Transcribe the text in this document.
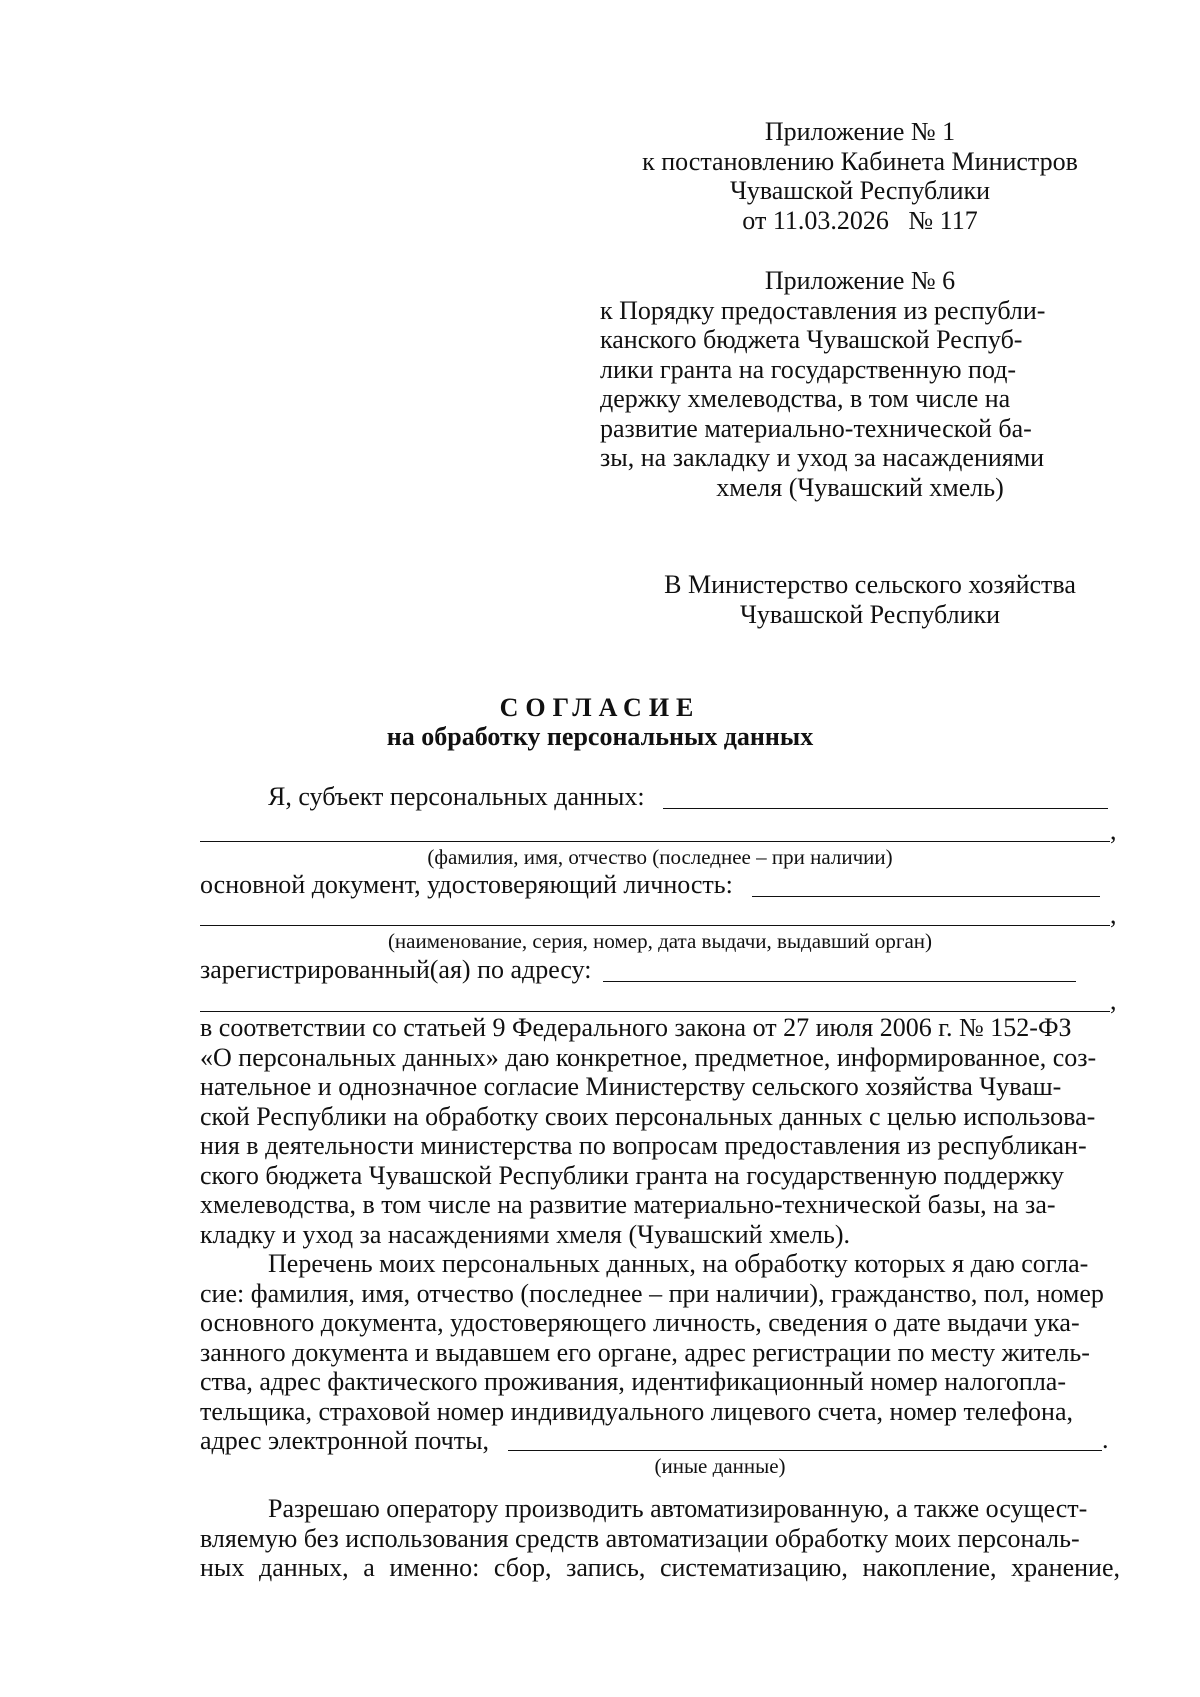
Приложение № 1

к постановлению Кабинета Министров

Чувашской Республики

от 11.03.2026   № 117

Приложение № 6

к Порядку предоставления из республи-

канского бюджета Чувашской Респуб-

лики гранта на государственную под-

держку хмелеводства, в том числе на

развитие материально-технической ба-

зы, на закладку и уход за насаждениями

хмеля (Чувашский хмель)

В Министерство сельского хозяйства

Чувашской Республики

СОГЛАСИЕ

на обработку персональных данных

Я, субъект персональных данных:
,

(фамилия, имя, отчество (последнее – при наличии)

основной документ, удостоверяющий личность:
,

(наименование, серия, номер, дата выдачи, выдавший орган)

зарегистрированный(ая) по адресу:
,

в соответствии со статьей 9 Федерального закона от 27 июля 2006 г. № 152-ФЗ

«О персональных данных» даю конкретное, предметное, информированное, соз-

нательное и однозначное согласие Министерству сельского хозяйства Чуваш-

ской Республики на обработку своих персональных данных с целью использова-

ния в деятельности министерства по вопросам предоставления из республикан-

ского бюджета Чувашской Республики гранта на государственную поддержку

хмелеводства, в том числе на развитие материально-технической базы, на за-

кладку и уход за насаждениями хмеля (Чувашский хмель).

Перечень моих персональных данных, на обработку которых я даю согла-

сие: фамилия, имя, отчество (последнее – при наличии), гражданство, пол, номер

основного документа, удостоверяющего личность, сведения о дате выдачи ука-

занного документа и выдавшем его органе, адрес регистрации по месту житель-

ства, адрес фактического проживания, идентификационный номер налогопла-

тельщика, страховой номер индивидуального лицевого счета, номер телефона,

адрес электронной почты,	.

(иные данные)

Разрешаю оператору производить автоматизированную, а также осущест-

вляемую без использования средств автоматизации обработку моих персональ-

ных данных, а именно: сбор, запись, систематизацию, накопление, хранение,
